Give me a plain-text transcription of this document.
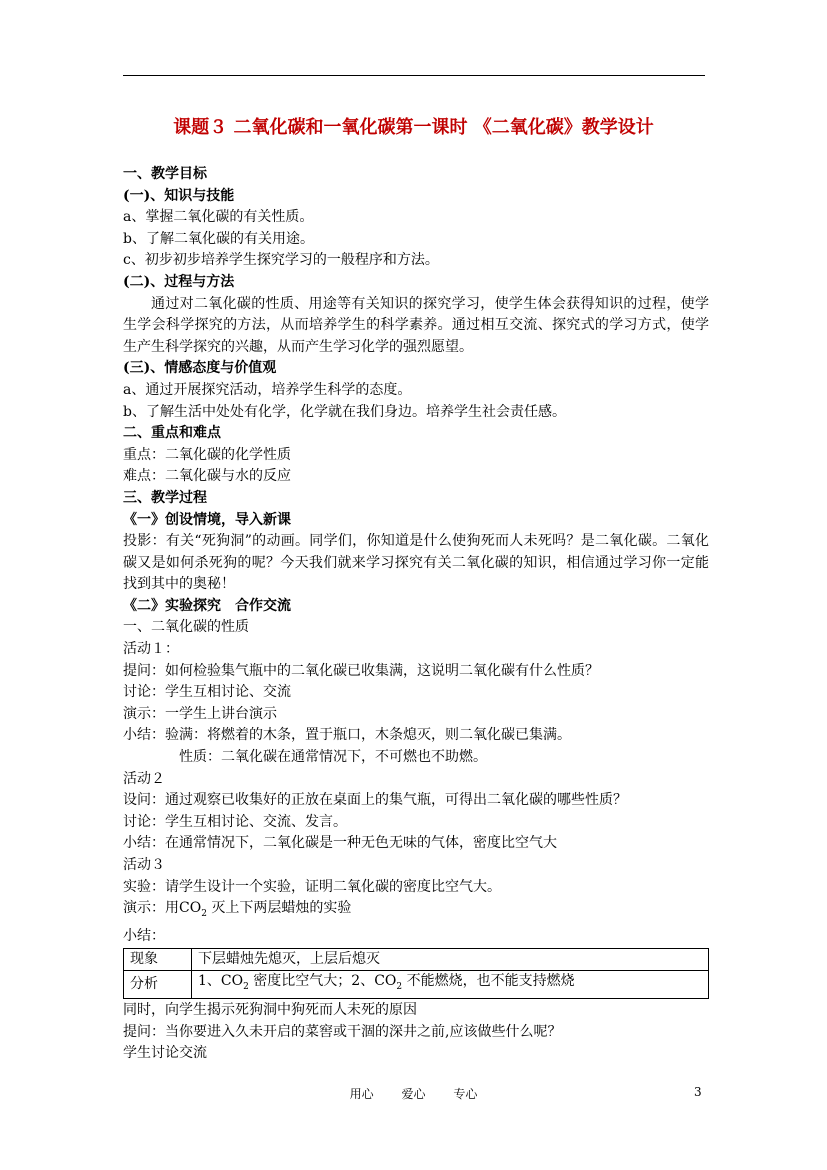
课题３ 二氧化碳和一氧化碳第一课时 《二氧化碳》教学设计
一、教学目标
(一)、知识与技能
a、掌握二氧化碳的有关性质。
b、了解二氧化碳的有关用途。
c、初步初步培养学生探究学习的一般程序和方法。
(二)、过程与方法
通过对二氧化碳的性质、用途等有关知识的探究学习，使学生体会获得知识的过程，使学生学会科学探究的方法，从而培养学生的科学素养。通过相互交流、探究式的学习方式，使学生产生科学探究的兴趣，从而产生学习化学的强烈愿望。
(三)、情感态度与价值观
a、通过开展探究活动，培养学生科学的态度。
b、了解生活中处处有化学，化学就在我们身边。培养学生社会责任感。
二、重点和难点
重点：二氧化碳的化学性质
难点：二氧化碳与水的反应
三、教学过程
《一》创设情境，导入新课
投影：有关“死狗洞”的动画。同学们，你知道是什么使狗死而人未死吗？是二氧化碳。二氧化碳又是如何杀死狗的呢？今天我们就来学习探究有关二氧化碳的知识，相信通过学习你一定能找到其中的奥秘！
《二》实验探究　合作交流
一、二氧化碳的性质
活动１：
提问：如何检验集气瓶中的二氧化碳已收集满，这说明二氧化碳有什么性质？
讨论：学生互相讨论、交流
演示：一学生上讲台演示
小结：验满：将燃着的木条，置于瓶口，木条熄灭，则二氧化碳已集满。
性质：二氧化碳在通常情况下，不可燃也不助燃。
活动２
设问：通过观察已收集好的正放在桌面上的集气瓶，可得出二氧化碳的哪些性质？
讨论：学生互相讨论、交流、发言。
小结：在通常情况下，二氧化碳是一种无色无味的气体，密度比空气大
活动３
实验：请学生设计一个实验，证明二氧化碳的密度比空气大。
演示：用$CO_2$ 灭上下两层蜡烛的实验
小结：
现象	下层蜡烛先熄灭，上层后熄灭
分析	1、$CO_2$ 密度比空气大；2、$CO_2$ 不能燃烧，也不能支持燃烧
同时，向学生揭示死狗洞中狗死而人未死的原因
提问：当你要进入久未开启的菜窖或干涸的深井之前,应该做些什么呢？
学生讨论交流
用心 爱心 专心	3
